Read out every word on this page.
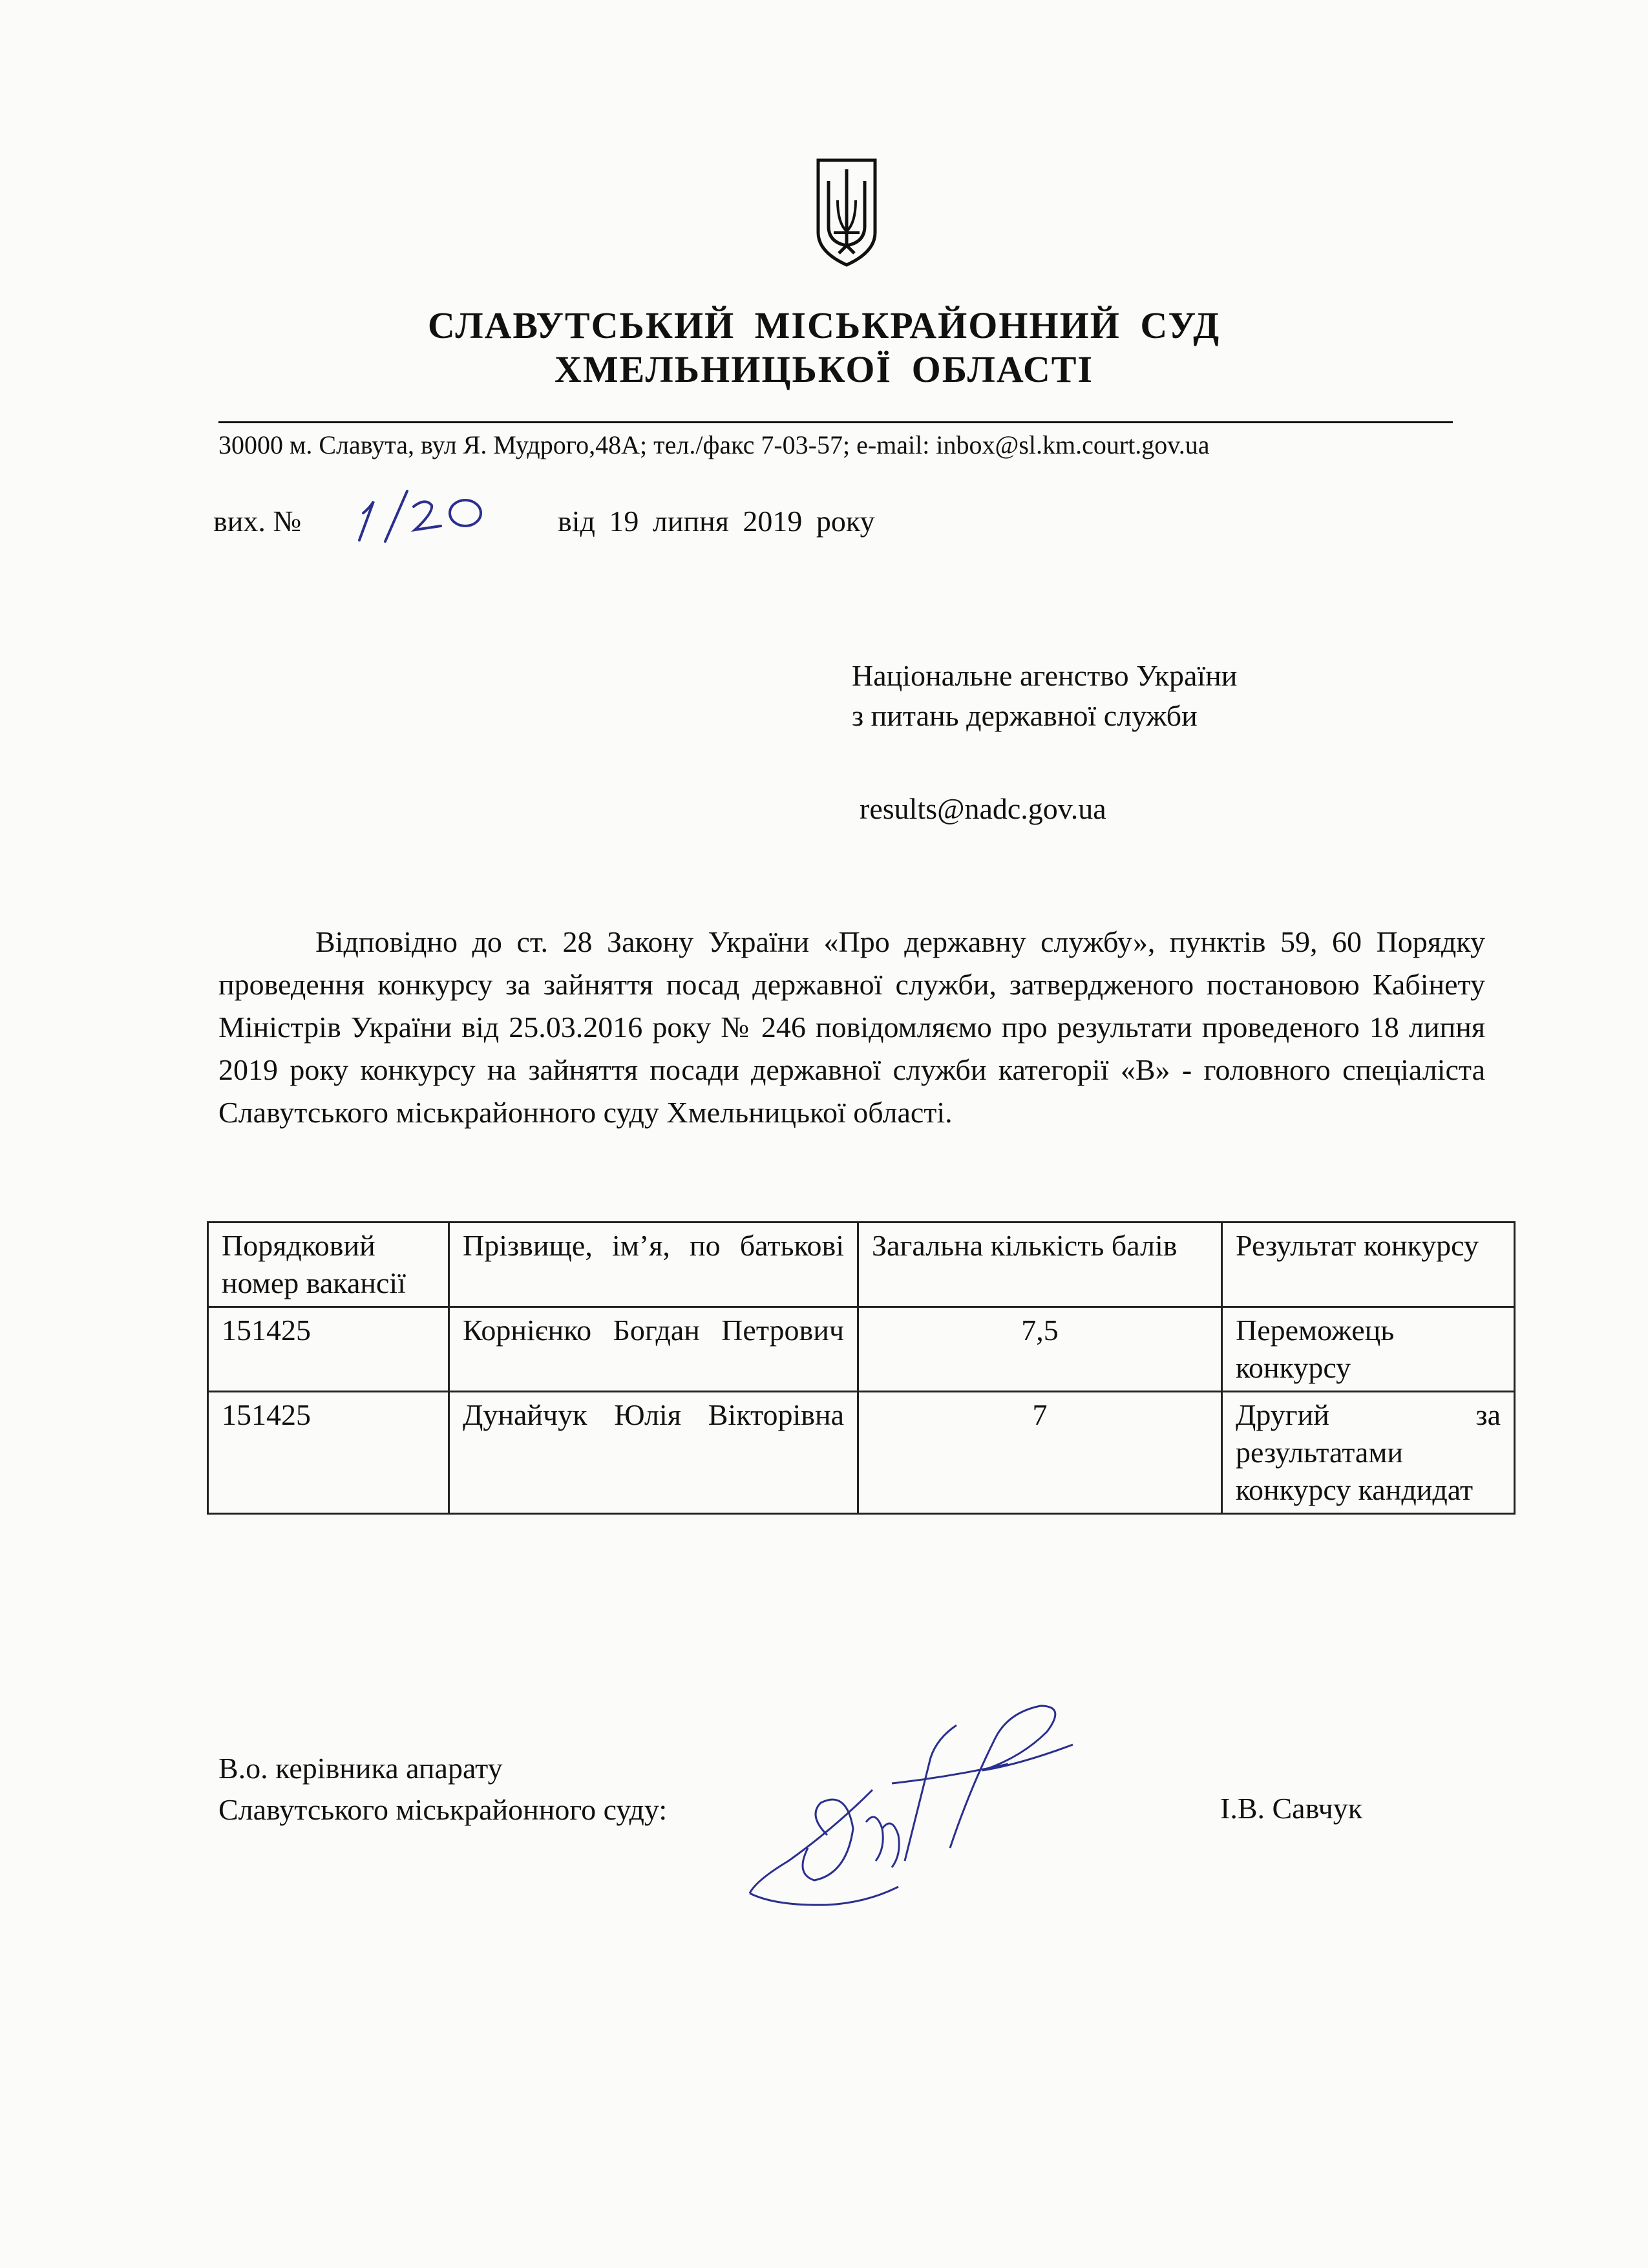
СЛАВУТСЬКИЙ МІСЬКРАЙОННИЙ СУД
ХМЕЛЬНИЦЬКОЇ ОБЛАСТІ
30000 м. Славута, вул Я. Мудрого,48А; тел./факс 7-03-57; e-mail: inbox@sl.km.court.gov.ua
вих. №	від 19 липня 2019 року
Національне агенство України
з питань державної служби
results@nadc.gov.ua
Відповідно до ст. 28 Закону України «Про державну службу», пунктів 59, 60 Порядку проведення конкурсу за зайняття посад державної служби, затвердженого постановою Кабінету Міністрів України від 25.03.2016 року № 246 повідомляємо про результати проведеного 18 липня 2019 року конкурсу на зайняття посади державної служби категорії «В» - головного спеціаліста Славутського міськрайонного суду Хмельницької області.
Порядковий номер вакансії	Прізвище, ім’я, по батькові	Загальна кількість балів	Результат конкурсу
151425	Корнієнко Богдан Петрович	7,5	Переможець конкурсу
151425	Дунайчук Юлія Вікторівна	7	Другий за результатами конкурсу кандидат
В.о. керівника апарату
Славутського міськрайонного суду:	І.В. Савчук
